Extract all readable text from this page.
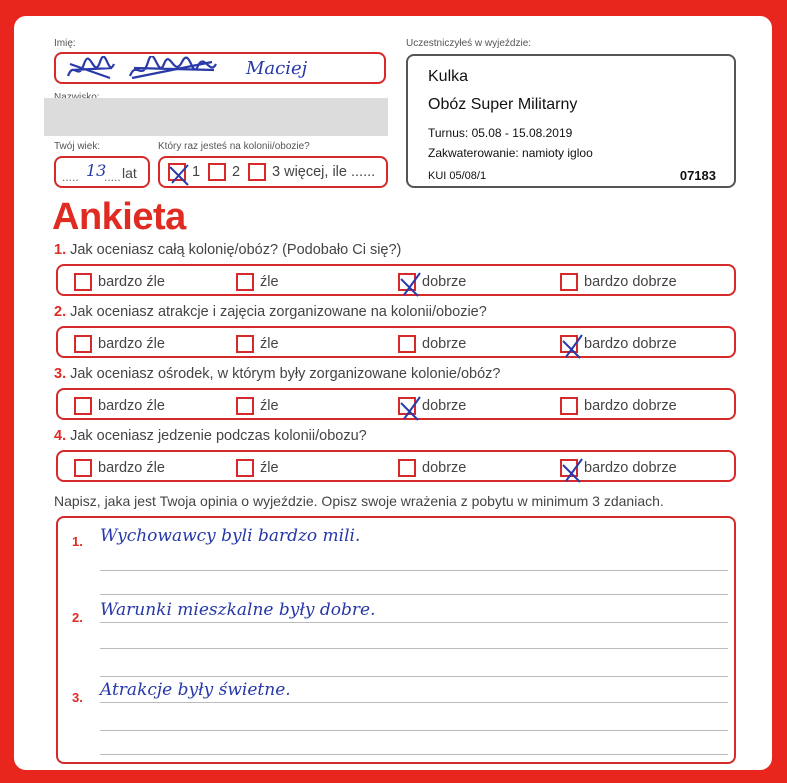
Imię:
Maciej
Twój wiek:
..... 13
..... lat
Który raz jesteś na kolonii/obozie?
1 2 3 więcej, ile ......
Uczestniczyłeś w wyjeździe:
Kulka
Obóz Super Militarny
Turnus: 05.08 - 15.08.2019
Zakwaterowanie: namioty igloo
KUI 05/08/1	07183
Ankieta
1. Jak oceniasz całą kolonię/obóz? (Podobało Ci się?)
bardzo źle	źle	dobrze	bardzo dobrze
2. Jak oceniasz atrakcje i zajęcia zorganizowane na kolonii/obozie?
bardzo źle	źle	dobrze	bardzo dobrze
3. Jak oceniasz ośrodek, w którym były zorganizowane kolonie/obóz?
bardzo źle	źle	dobrze	bardzo dobrze
4. Jak oceniasz jedzenie podczas kolonii/obozu?
bardzo źle	źle	dobrze	bardzo dobrze
Napisz, jaka jest Twoja opinia o wyjeździe. Opisz swoje wrażenia z pobytu w minimum 3 zdaniach.
1. Wychowawcy byli bardzo mili.
2. Warunki mieszkalne były dobre.
3. Atrakcje były świetne.
